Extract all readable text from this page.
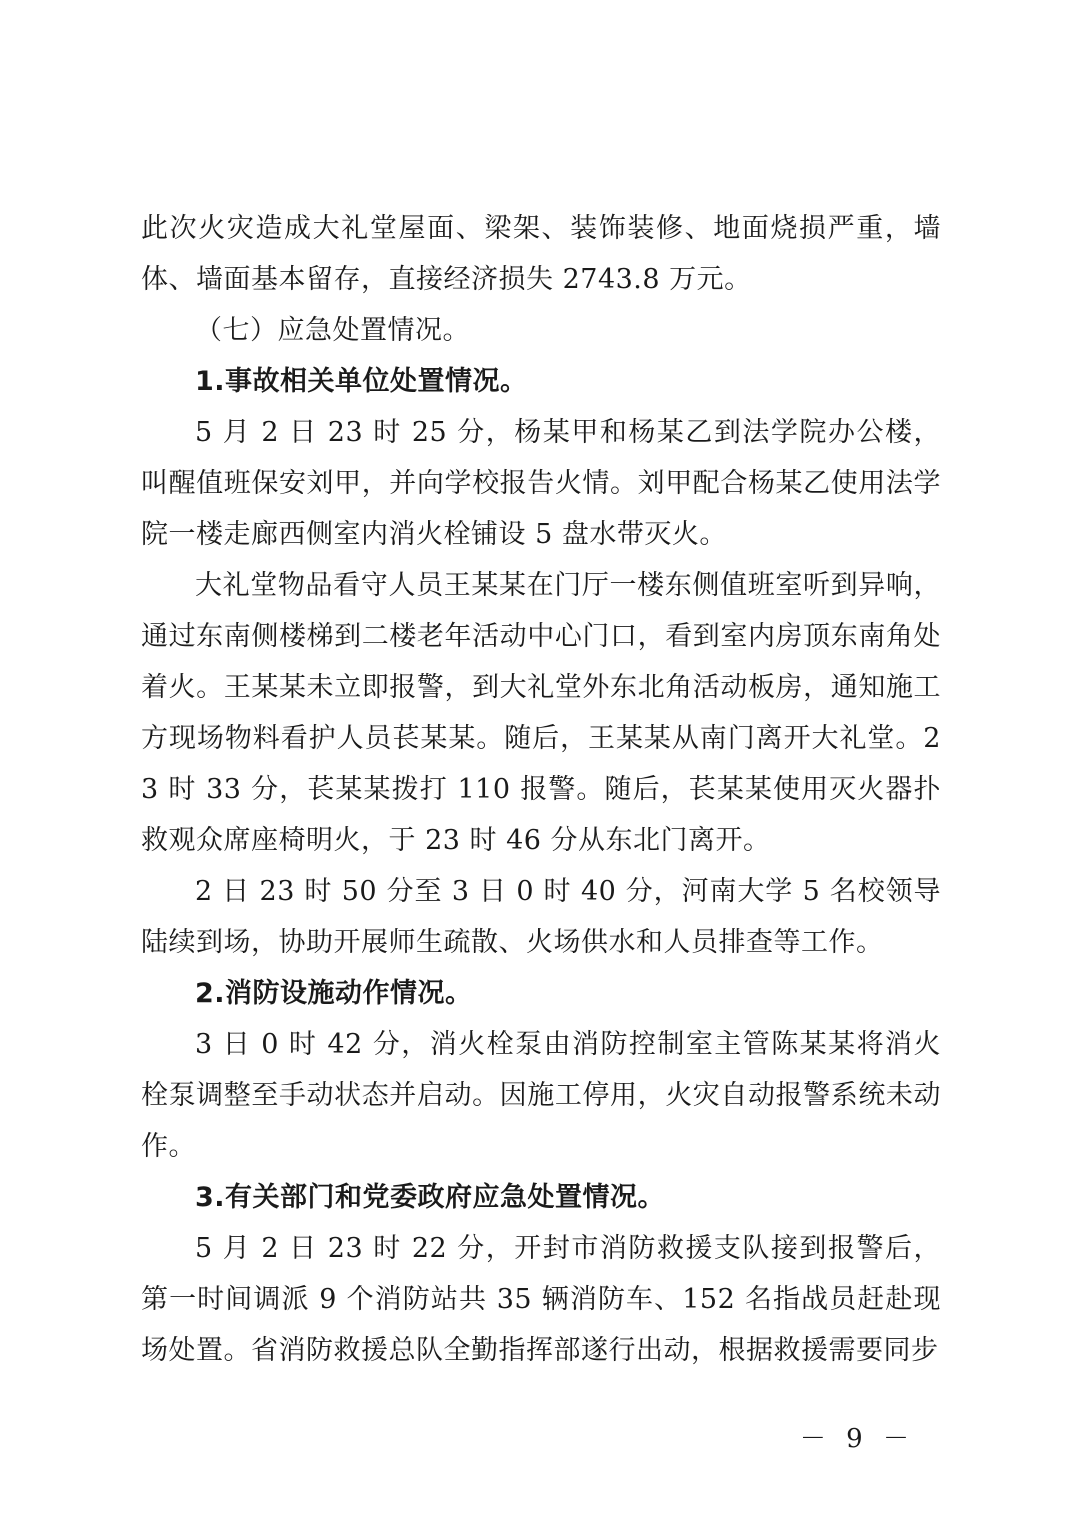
此次火灾造成大礼堂屋面、梁架、装饰装修、地面烧损严重，墙体、墙面基本留存，直接经济损失 2743.8 万元。

（七）应急处置情况。

1.事故相关单位处置情况。

5 月 2 日 23 时 25 分，杨某甲和杨某乙到法学院办公楼，叫醒值班保安刘甲，并向学校报告火情。刘甲配合杨某乙使用法学院一楼走廊西侧室内消火栓铺设 5 盘水带灭火。

大礼堂物品看守人员王某某在门厅一楼东侧值班室听到异响，通过东南侧楼梯到二楼老年活动中心门口，看到室内房顶东南角处着火。王某某未立即报警，到大礼堂外东北角活动板房，通知施工方现场物料看护人员苌某某。随后，王某某从南门离开大礼堂。23 时 33 分，苌某某拨打 110 报警。随后，苌某某使用灭火器扑救观众席座椅明火，于 23 时 46 分从东北门离开。

2 日 23 时 50 分至 3 日 0 时 40 分，河南大学 5 名校领导陆续到场，协助开展师生疏散、火场供水和人员排查等工作。

2.消防设施动作情况。

3 日 0 时 42 分，消火栓泵由消防控制室主管陈某某将消火栓泵调整至手动状态并启动。因施工停用，火灾自动报警系统未动作。

3.有关部门和党委政府应急处置情况。

5 月 2 日 23 时 22 分，开封市消防救援支队接到报警后，第一时间调派 9 个消防站共 35 辆消防车、152 名指战员赶赴现场处置。省消防救援总队全勤指挥部遂行出动，根据救援需要同步

－ 9 －
